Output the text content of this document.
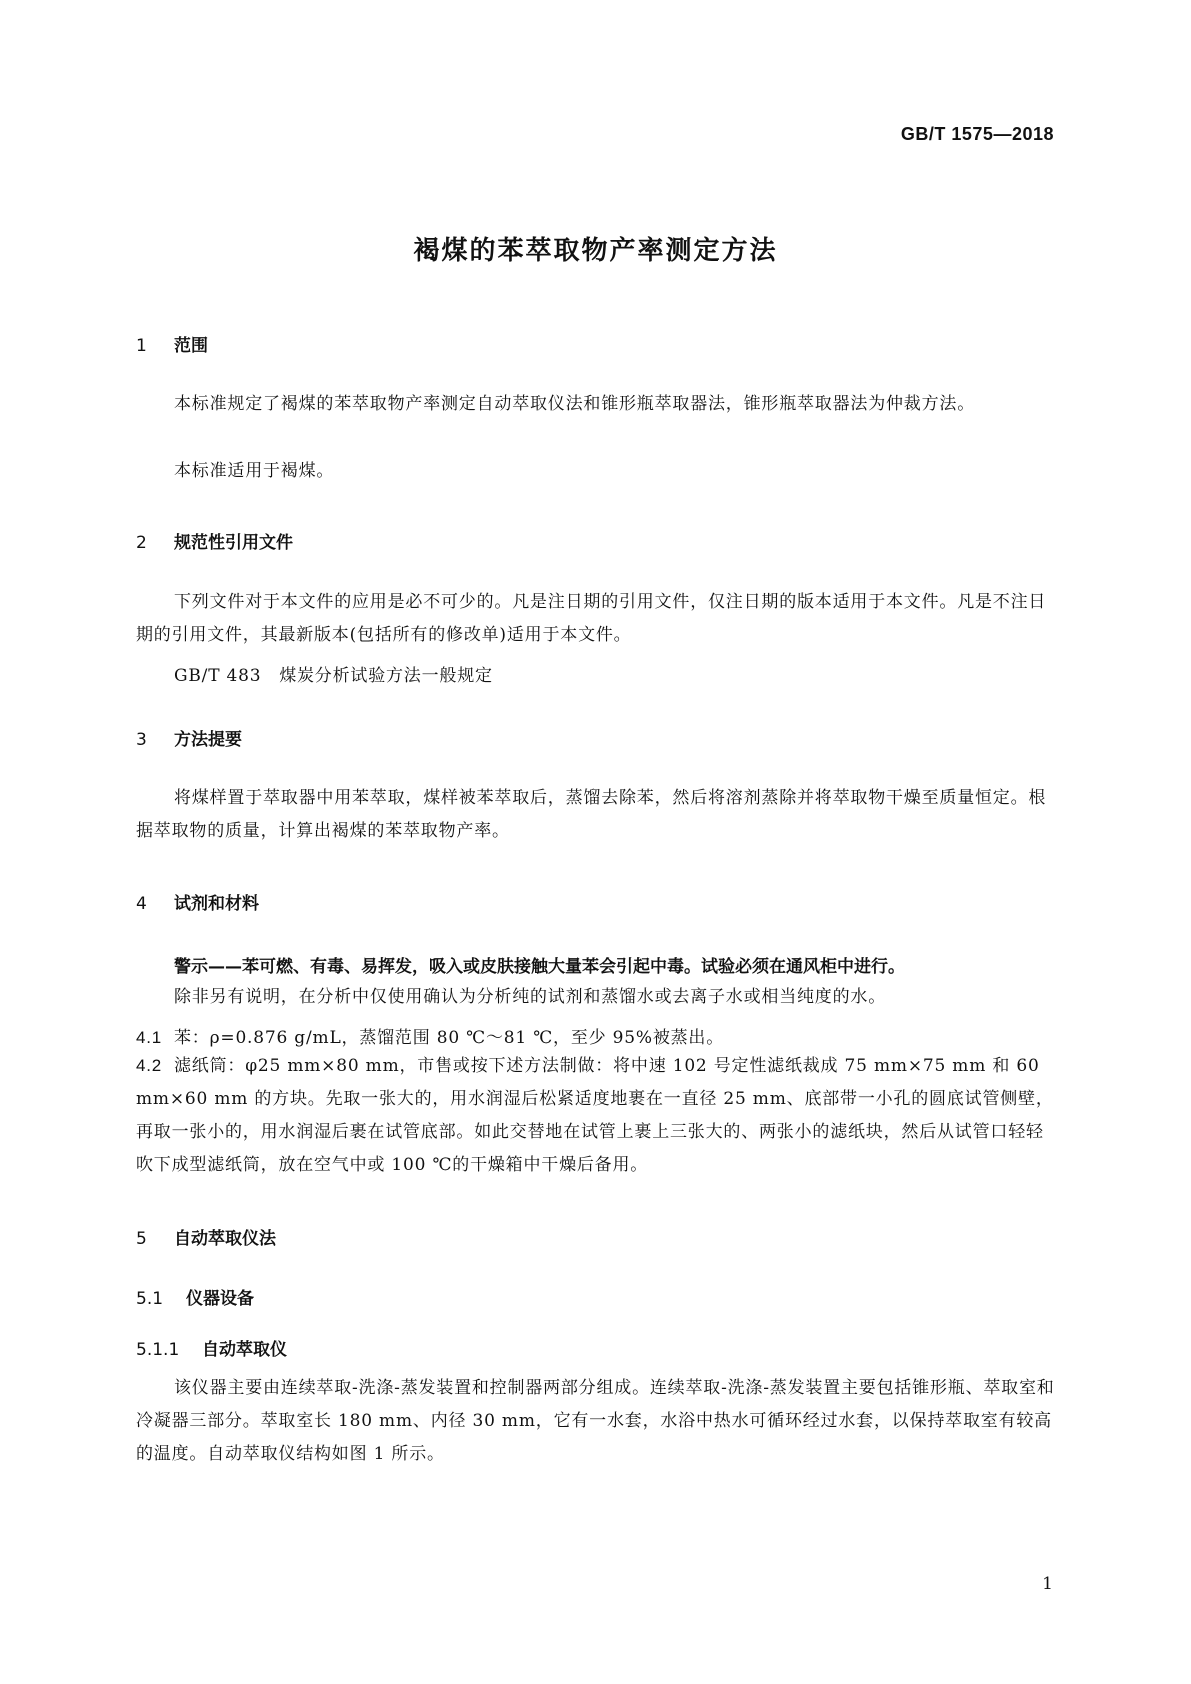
GB/T 1575—2018
褐煤的苯萃取物产率测定方法
1 范围

本标准规定了褐煤的苯萃取物产率测定自动萃取仪法和锥形瓶萃取器法，锥形瓶萃取器法为仲裁方法。

本标准适用于褐煤。

2 规范性引用文件

下列文件对于本文件的应用是必不可少的。凡是注日期的引用文件，仅注日期的版本适用于本文件。凡是不注日期的引用文件，其最新版本(包括所有的修改单)适用于本文件。

GB/T 483　煤炭分析试验方法一般规定
3 方法提要

将煤样置于萃取器中用苯萃取，煤样被苯萃取后，蒸馏去除苯，然后将溶剂蒸除并将萃取物干燥至质量恒定。根据萃取物的质量，计算出褐煤的苯萃取物产率。

4 试剂和材料
警示——苯可燃、有毒、易挥发，吸入或皮肤接触大量苯会引起中毒。试验必须在通风柜中进行。

除非另有说明，在分析中仅使用确认为分析纯的试剂和蒸馏水或去离子水或相当纯度的水。

4.1 苯：ρ=0.876 g/mL，蒸馏范围 80 ℃～81 ℃，至少 95%被蒸出。
4.2 滤纸筒：φ25 mm×80 mm，市售或按下述方法制做：将中速 102 号定性滤纸裁成 75 mm×75 mm 和 60 mm×60 mm 的方块。先取一张大的，用水润湿后松紧适度地裹在一直径 25 mm、底部带一小孔的圆底试管侧壁，再取一张小的，用水润湿后裹在试管底部。如此交替地在试管上裹上三张大的、两张小的滤纸块，然后从试管口轻轻吹下成型滤纸筒，放在空气中或 100 ℃的干燥箱中干燥后备用。
5 自动萃取仪法
5.1 仪器设备
5.1.1 自动萃取仪

该仪器主要由连续萃取-洗涤-蒸发装置和控制器两部分组成。连续萃取-洗涤-蒸发装置主要包括锥形瓶、萃取室和冷凝器三部分。萃取室长 180 mm、内径 30 mm，它有一水套，水浴中热水可循环经过水套，以保持萃取室有较高的温度。自动萃取仪结构如图 1 所示。

1
